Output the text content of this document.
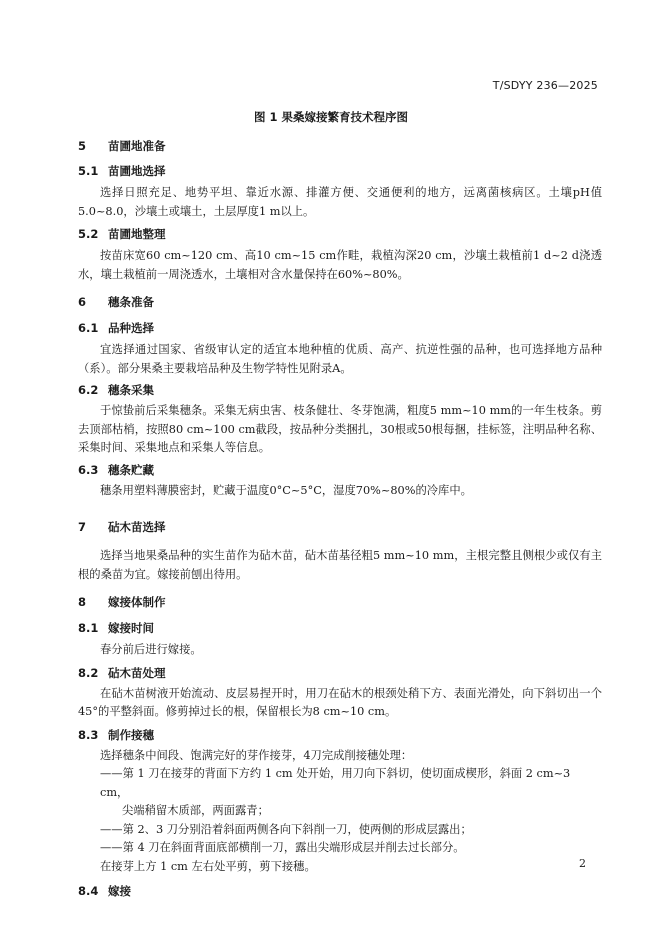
T/SDYY 236—2025
图 1 果桑嫁接繁育技术程序图
5 苗圃地准备
5.1 苗圃地选择
选择日照充足、地势平坦、靠近水源、排灌方便、交通便利的地方，远离菌核病区。土壤pH值5.0~8.0，沙壤土或壤土，土层厚度1 m以上。
5.2 苗圃地整理
按苗床宽60 cm~120 cm、高10 cm~15 cm作畦，栽植沟深20 cm，沙壤土栽植前1 d~2 d浇透水，壤土栽植前一周浇透水，土壤相对含水量保持在60%~80%。
6 穗条准备
6.1 品种选择
宜选择通过国家、省级审认定的适宜本地种植的优质、高产、抗逆性强的品种，也可选择地方品种（系）。部分果桑主要栽培品种及生物学特性见附录A。
6.2 穗条采集
于惊蛰前后采集穗条。采集无病虫害、枝条健壮、冬芽饱满，粗度5 mm~10 mm的一年生枝条。剪去顶部枯梢，按照80 cm~100 cm截段，按品种分类捆扎，30根或50根每捆，挂标签，注明品种名称、采集时间、采集地点和采集人等信息。
6.3 穗条贮藏
穗条用塑料薄膜密封，贮藏于温度0°C~5°C，湿度70%~80%的冷库中。
7 砧木苗选择
选择当地果桑品种的实生苗作为砧木苗，砧木苗基径粗5 mm~10 mm，主根完整且侧根少或仅有主根的桑苗为宜。嫁接前刨出待用。
8 嫁接体制作
8.1 嫁接时间
春分前后进行嫁接。
8.2 砧木苗处理
在砧木苗树液开始流动、皮层易捏开时，用刀在砧木的根颈处稍下方、表面光滑处，向下斜切出一个45°的平整斜面。修剪掉过长的根，保留根长为8 cm~10 cm。
8.3 制作接穗
选择穗条中间段、饱满完好的芽作接芽，4刀完成削接穗处理：
——第 1 刀在接芽的背面下方约 1 cm 处开始，用刀向下斜切，使切面成楔形，斜面 2 cm~3 cm，
尖端稍留木质部，两面露青；
——第 2、3 刀分别沿着斜面两侧各向下斜削一刀，使两侧的形成层露出；
——第 4 刀在斜面背面底部横削一刀，露出尖端形成层并削去过长部分。
在接芽上方 1 cm 左右处平剪，剪下接穗。
8.4 嫁接
2
